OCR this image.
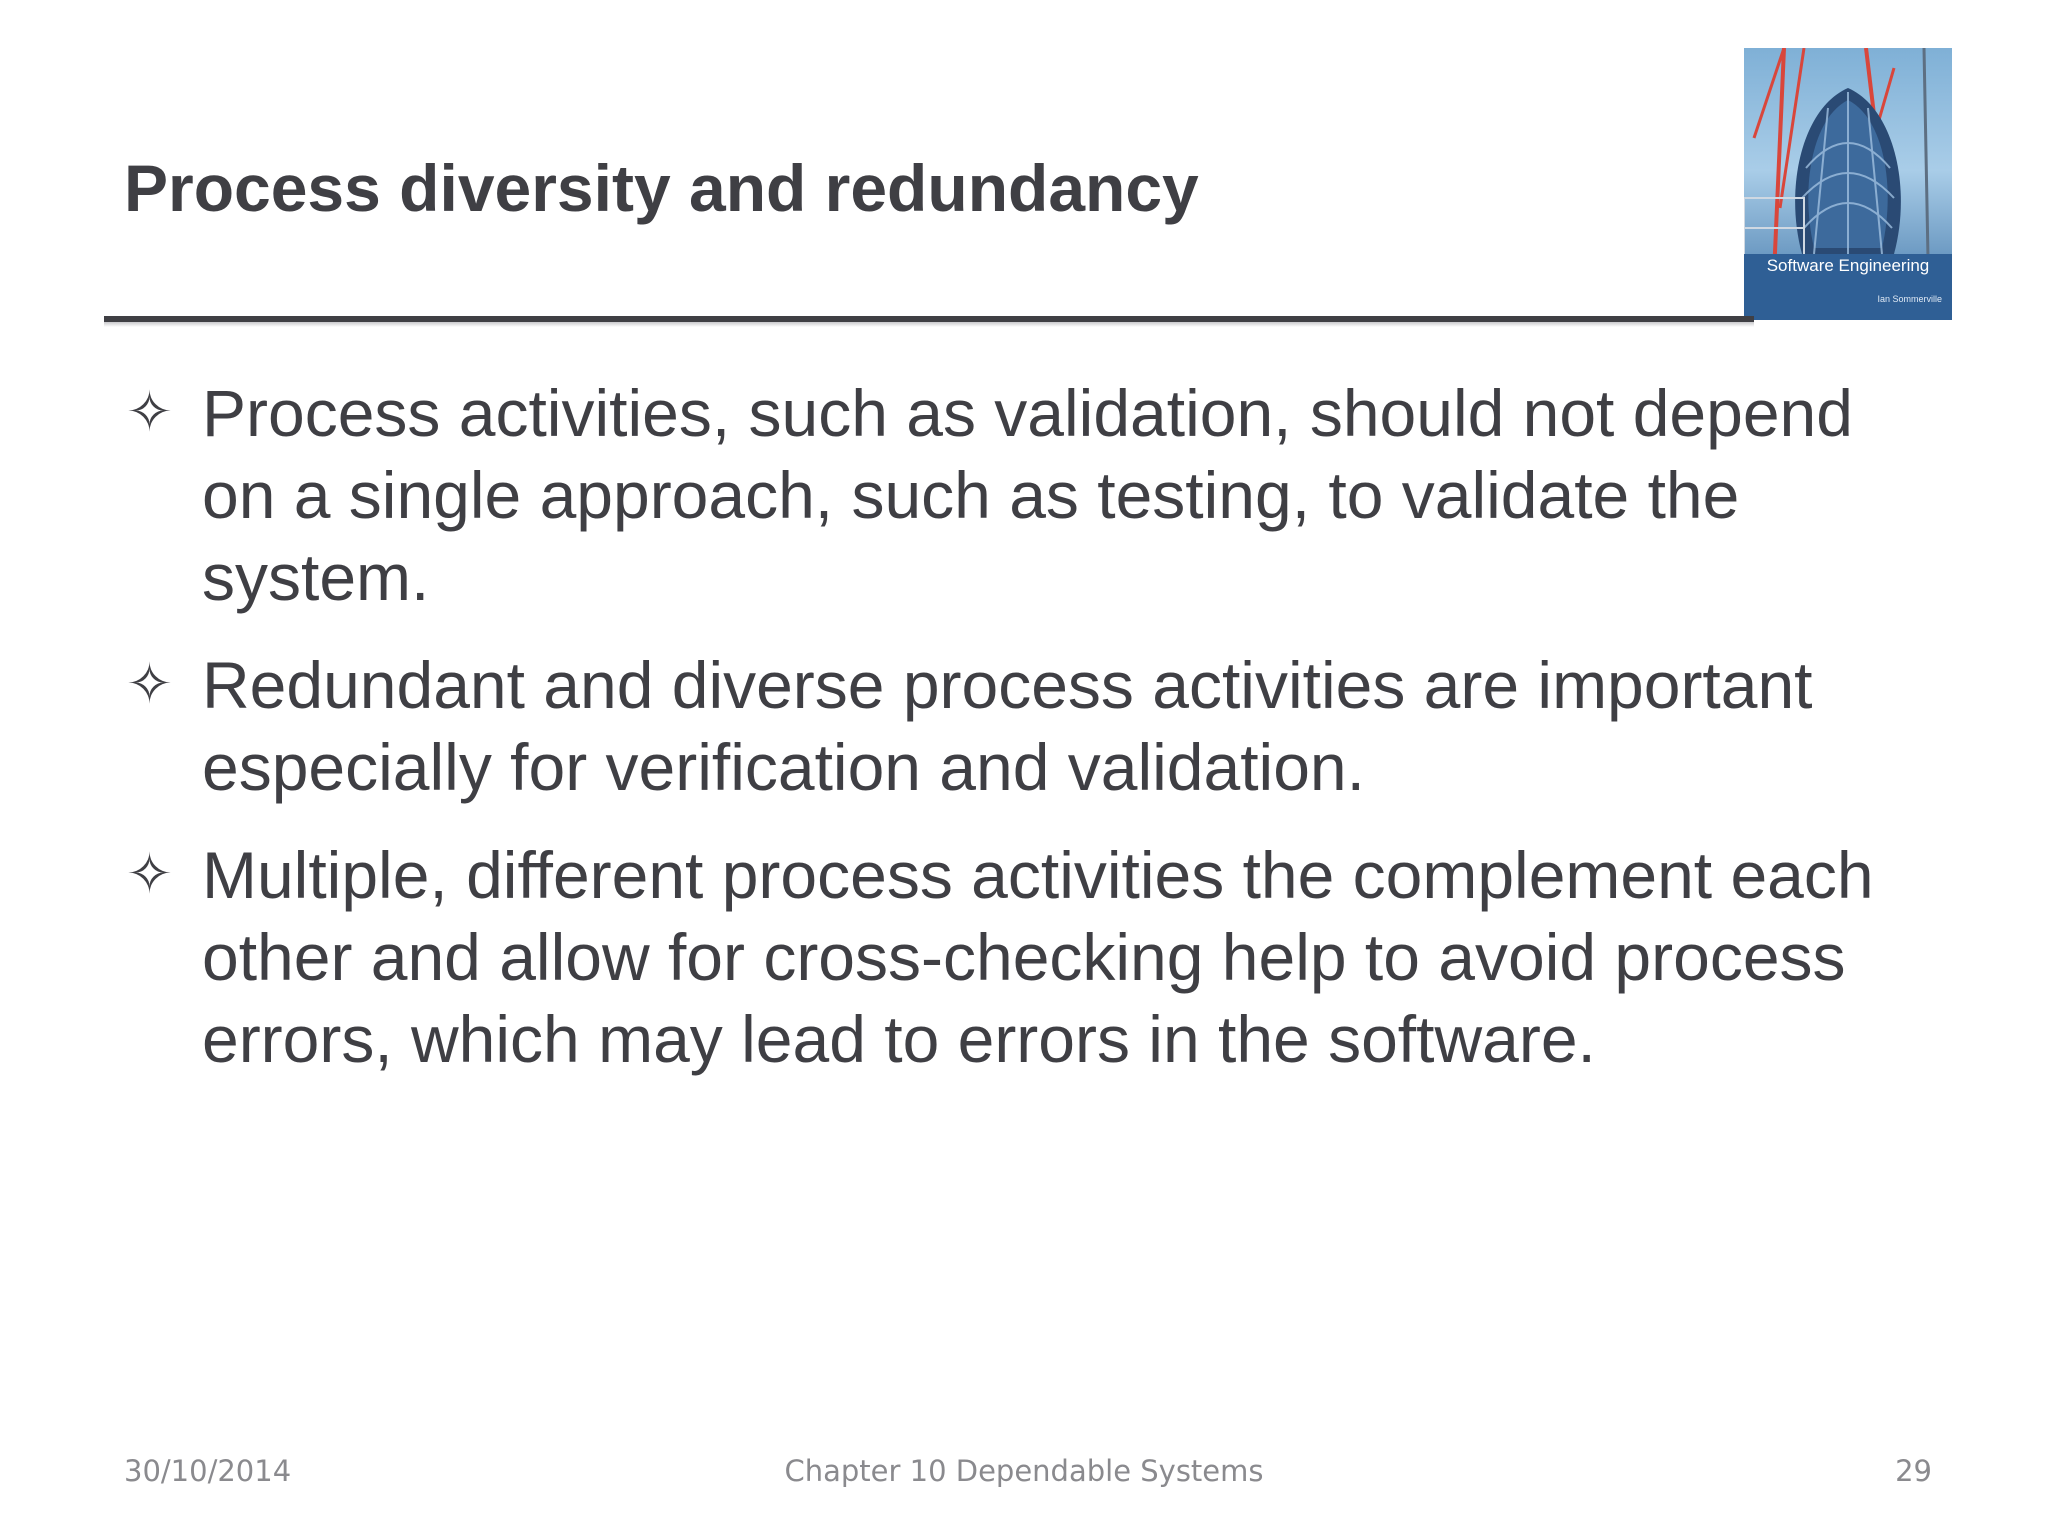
Process diversity and redundancy
Software Engineering
Ian Sommerville
✧ Process activities, such as validation, should not depend on a single approach, such as testing, to validate the system.
✧ Redundant and diverse process activities are important especially for verification and validation.
✧ Multiple, different process activities the complement each other and allow for cross-checking help to avoid process errors, which may lead to errors in the software.
30/10/2014	Chapter 10 Dependable Systems	29
